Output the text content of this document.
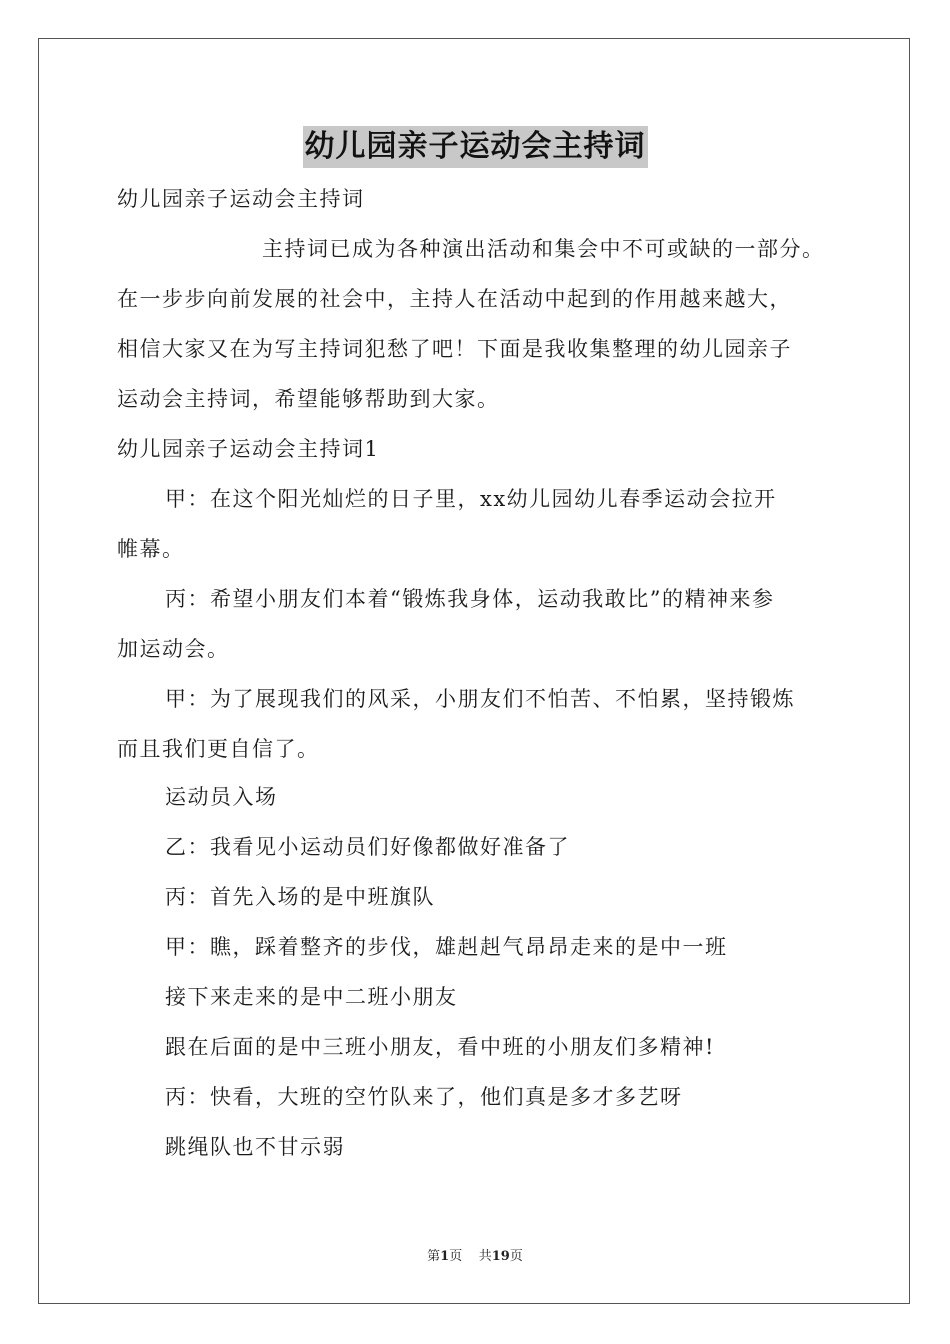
幼儿园亲子运动会主持词
幼儿园亲子运动会主持词
主持词已成为各种演出活动和集会中不可或缺的一部分。
在一步步向前发展的社会中，主持人在活动中起到的作用越来越大，
相信大家又在为写主持词犯愁了吧！下面是我收集整理的幼儿园亲子
运动会主持词，希望能够帮助到大家。
幼儿园亲子运动会主持词1
甲：在这个阳光灿烂的日子里，xx幼儿园幼儿春季运动会拉开
帷幕。
丙：希望小朋友们本着“锻炼我身体，运动我敢比”的精神来参
加运动会。
甲：为了展现我们的风采，小朋友们不怕苦、不怕累，坚持锻炼
而且我们更自信了。
运动员入场
乙：我看见小运动员们好像都做好准备了
丙：首先入场的是中班旗队
甲：瞧，踩着整齐的步伐，雄赳赳气昂昂走来的是中一班
接下来走来的是中二班小朋友
跟在后面的是中三班小朋友，看中班的小朋友们多精神!
丙：快看，大班的空竹队来了，他们真是多才多艺呀
跳绳队也不甘示弱
第1页 共19页
